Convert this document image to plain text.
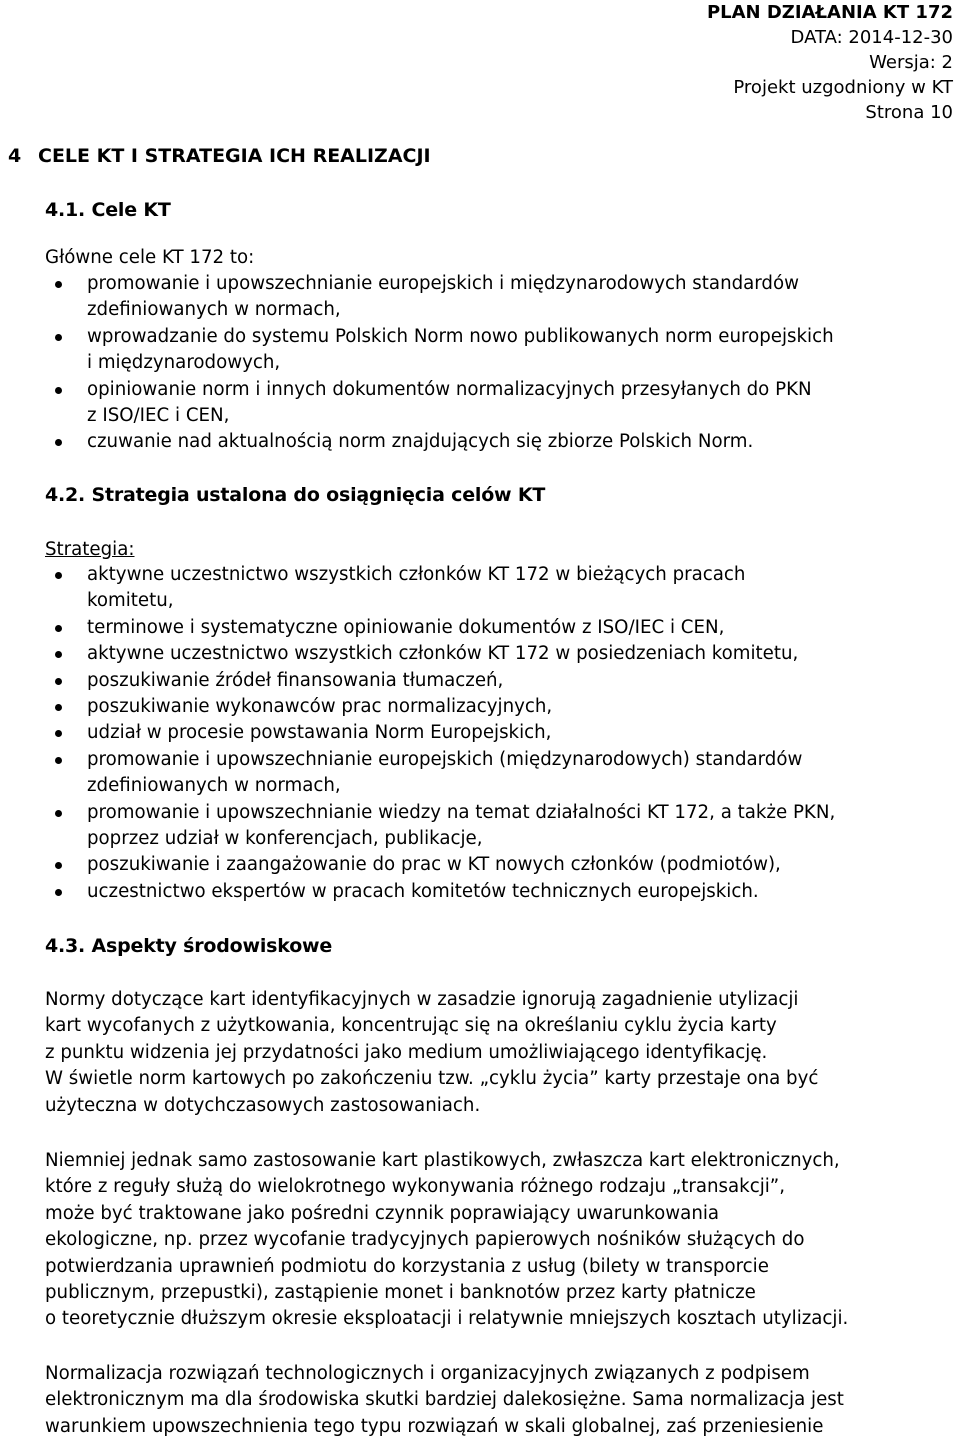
PLAN DZIAŁANIA KT 172
DATA: 2014-12-30
Wersja: 2
Projekt uzgodniony w KT
Strona 10
4 CELE KT I STRATEGIA ICH REALIZACJI
4.1. Cele KT
Główne cele KT 172 to:
promowanie i upowszechnianie europejskich i międzynarodowych standardów
zdefiniowanych w normach,
wprowadzanie do systemu Polskich Norm nowo publikowanych norm europejskich
i międzynarodowych,
opiniowanie norm i innych dokumentów normalizacyjnych przesyłanych do PKN
z ISO/IEC i CEN,
czuwanie nad aktualnością norm znajdujących się zbiorze Polskich Norm.
4.2. Strategia ustalona do osiągnięcia celów KT
Strategia:
aktywne uczestnictwo wszystkich członków KT 172 w bieżących pracach
komitetu,
terminowe i systematyczne opiniowanie dokumentów z ISO/IEC i CEN,
aktywne uczestnictwo wszystkich członków KT 172 w posiedzeniach komitetu,
poszukiwanie źródeł finansowania tłumaczeń,
poszukiwanie wykonawców prac normalizacyjnych,
udział w procesie powstawania Norm Europejskich,
promowanie i upowszechnianie europejskich (międzynarodowych) standardów
zdefiniowanych w normach,
promowanie i upowszechnianie wiedzy na temat działalności KT 172, a także PKN,
poprzez udział w konferencjach, publikacje,
poszukiwanie i zaangażowanie do prac w KT nowych członków (podmiotów),
uczestnictwo ekspertów w pracach komitetów technicznych europejskich.
4.3. Aspekty środowiskowe
Normy dotyczące kart identyfikacyjnych w zasadzie ignorują zagadnienie utylizacji
kart wycofanych z użytkowania, koncentrując się na określaniu cyklu życia karty
z punktu widzenia jej przydatności jako medium umożliwiającego identyfikację.
W świetle norm kartowych po zakończeniu tzw. „cyklu życia” karty przestaje ona być
użyteczna w dotychczasowych zastosowaniach.
Niemniej jednak samo zastosowanie kart plastikowych, zwłaszcza kart elektronicznych,
które z reguły służą do wielokrotnego wykonywania różnego rodzaju „transakcji”,
może być traktowane jako pośredni czynnik poprawiający uwarunkowania
ekologiczne, np. przez wycofanie tradycyjnych papierowych nośników służących do
potwierdzania uprawnień podmiotu do korzystania z usług (bilety w transporcie
publicznym, przepustki), zastąpienie monet i banknotów przez karty płatnicze
o teoretycznie dłuższym okresie eksploatacji i relatywnie mniejszych kosztach utylizacji.
Normalizacja rozwiązań technologicznych i organizacyjnych związanych z podpisem
elektronicznym ma dla środowiska skutki bardziej dalekosiężne. Sama normalizacja jest
warunkiem upowszechnienia tego typu rozwiązań w skali globalnej, zaś przeniesienie
